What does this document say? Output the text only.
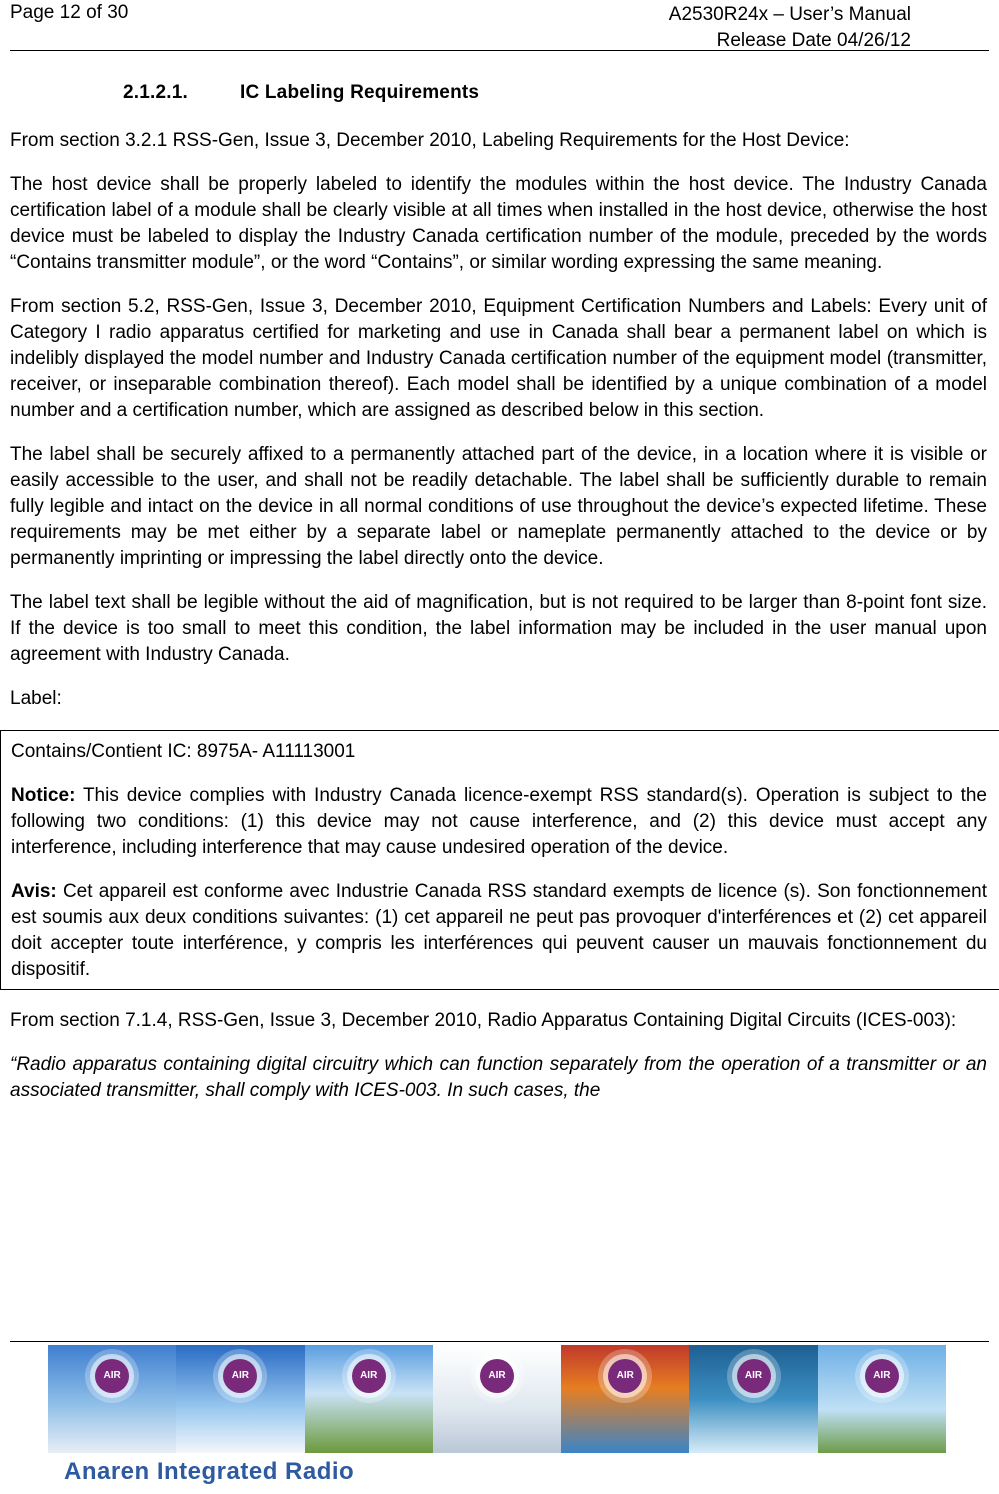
Page 12 of 30	A2530R24x – User’s Manual
Release Date 04/26/12
2.1.2.1.	IC Labeling Requirements

From section 3.2.1 RSS-Gen, Issue 3, December 2010, Labeling Requirements for the Host Device:

The host device shall be properly labeled to identify the modules within the host device. The Industry Canada certification label of a module shall be clearly visible at all times when installed in the host device, otherwise the host device must be labeled to display the Industry Canada certification number of the module, preceded by the words “Contains transmitter module”, or the word “Contains”, or similar wording expressing the same meaning.

From section 5.2, RSS-Gen, Issue 3, December 2010, Equipment Certification Numbers and Labels: Every unit of Category I radio apparatus certified for marketing and use in Canada shall bear a permanent label on which is indelibly displayed the model number and Industry Canada certification number of the equipment model (transmitter, receiver, or inseparable combination thereof). Each model shall be identified by a unique combination of a model number and a certification number, which are assigned as described below in this section.

The label shall be securely affixed to a permanently attached part of the device, in a location where it is visible or easily accessible to the user, and shall not be readily detachable. The label shall be sufficiently durable to remain fully legible and intact on the device in all normal conditions of use throughout the device’s expected lifetime. These requirements may be met either by a separate label or nameplate permanently attached to the device or by permanently imprinting or impressing the label directly onto the device.

The label text shall be legible without the aid of magnification, but is not required to be larger than 8-point font size. If the device is too small to meet this condition, the label information may be included in the user manual upon agreement with Industry Canada.

Label:

Contains/Contient IC: 8975A- A11113001

Notice: This device complies with Industry Canada licence-exempt RSS standard(s). Operation is subject to the following two conditions: (1) this device may not cause interference, and (2) this device must accept any interference, including interference that may cause undesired operation of the device.

Avis: Cet appareil est conforme avec Industrie Canada RSS standard exempts de licence (s). Son fonctionnement est soumis aux deux conditions suivantes: (1) cet appareil ne peut pas provoquer d'interférences et (2) cet appareil doit accepter toute interférence, y compris les interférences qui peuvent causer un mauvais fonctionnement du dispositif.

From section 7.1.4, RSS-Gen, Issue 3, December 2010, Radio Apparatus Containing Digital Circuits (ICES-003):

“Radio apparatus containing digital circuitry which can function separately from the operation of a transmitter or an associated transmitter, shall comply with ICES-003. In such cases, the

AIR	AIR	AIR	AIR	AIR	AIR	AIR
Anaren Integrated Radio
